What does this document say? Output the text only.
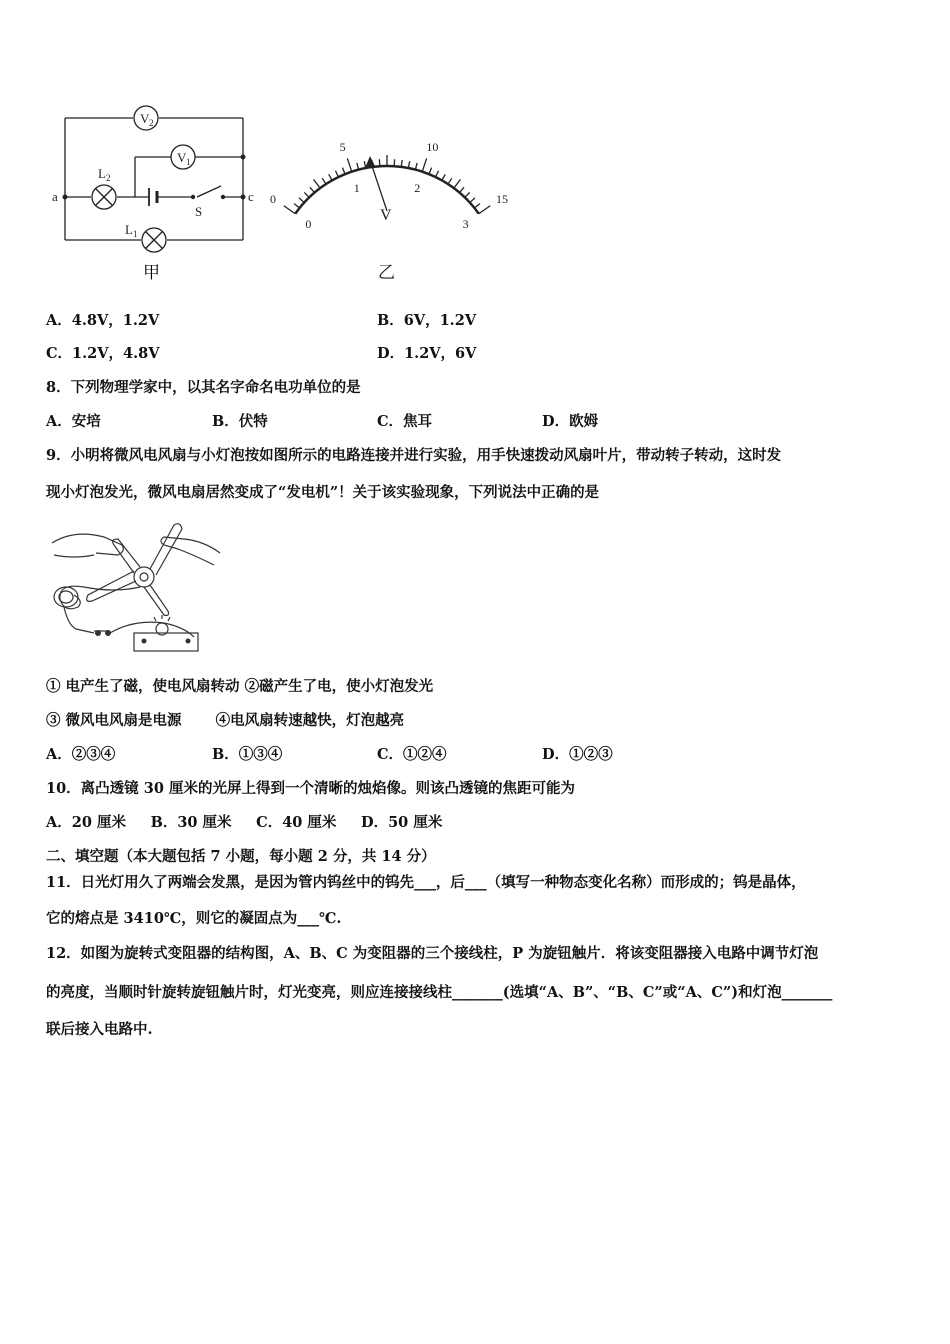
V 2
V 1
a	c
L 2
L 1
S
甲
0
5	10
15
0
1	2
3
V
乙
A．4.8V，1.2V	B．6V，1.2V
C．1.2V，4.8V	D．1.2V，6V
8．下列物理学家中，以其名字命名电功单位的是
A．安培	B．伏特	C．焦耳	D．欧姆
9．小明将微风电风扇与小灯泡按如图所示的电路连接并进行实验，用手快速拨动风扇叶片，带动转子转动，这时发
现小灯泡发光，微风电扇居然变成了“发电机”！关于该实验现象，下列说法中正确的是
① 电产生了磁，使电风扇转动 ②磁产生了电，使小灯泡发光
③ 微风电风扇是电源 　　④电风扇转速越快，灯泡越亮
A．②③④	B．①③④	C．①②④	D．①②③
10．离凸透镜 30 厘米的光屏上得到一个清晰的烛焰像。则该凸透镜的焦距可能为
A．20 厘米 　 B．30 厘米 　 C．40 厘米 　 D．50 厘米
二、填空题（本大题包括 7 小题，每小题 2 分，共 14 分）
11．日光灯用久了两端会发黑，是因为管内钨丝中的钨先___，后___（填写一种物态变化名称）而形成的；钨是晶体，
它的熔点是 3410℃，则它的凝固点为___℃.
12．如图为旋转式变阻器的结构图，A、B、C 为变阻器的三个接线柱，P 为旋钮触片．将该变阻器接入电路中调节灯泡
的亮度，当顺时针旋转旋钮触片时，灯光变亮，则应连接接线柱_______(选填“A、B”、“B、C”或“A、C”)和灯泡_______
联后接入电路中.
